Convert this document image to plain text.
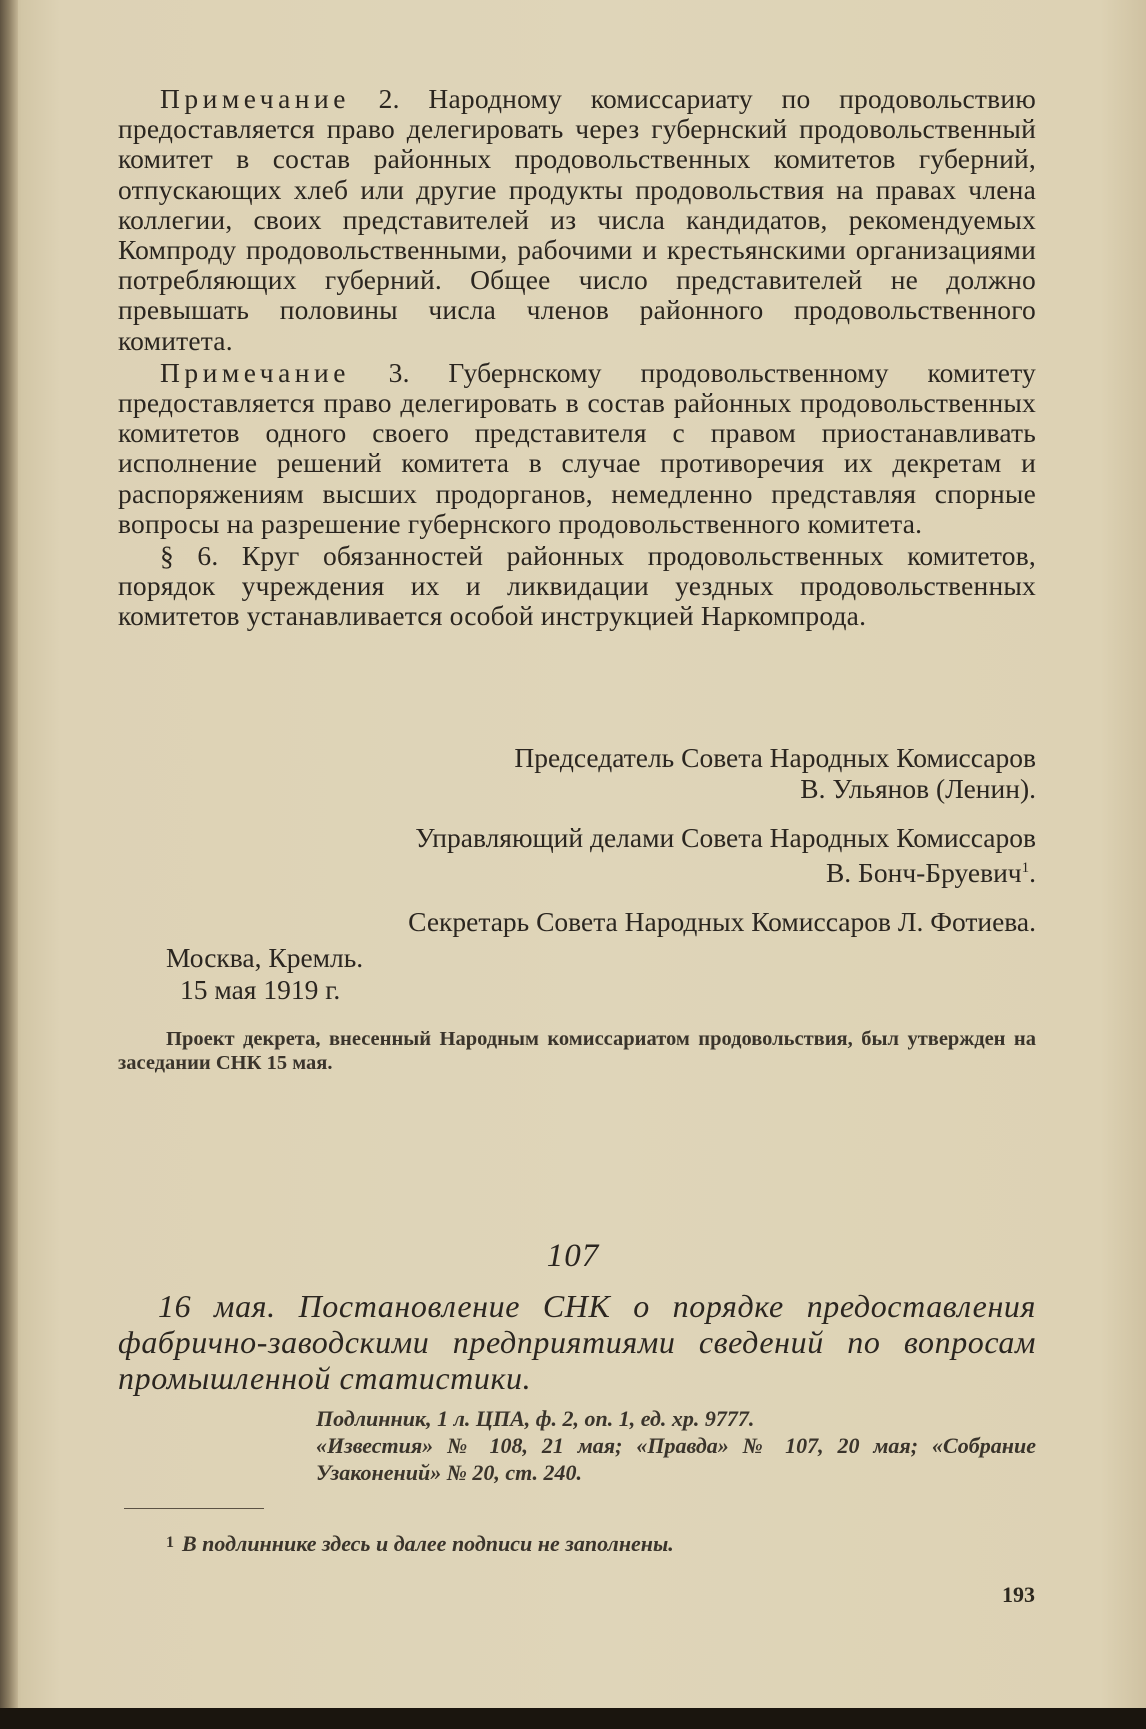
Примечание 2. Народному комиссариату по продовольствию предоставляется право делегировать через губернский продовольственный комитет в состав районных продовольственных комитетов губерний, отпускающих хлеб или другие продукты продовольствия на правах члена коллегии, своих представителей из числа кандидатов, рекомендуемых Компроду продовольственными, рабочими и крестьянскими организациями потребляющих губерний. Общее число представителей не должно превышать половины числа членов районного продовольственного комитета.

Примечание 3. Губернскому продовольственному комитету предоставляется право делегировать в состав районных продовольственных комитетов одного своего представителя с правом приостанавливать исполнение решений комитета в случае противоречия их декретам и распоряжениям высших продорганов, немедленно представляя спорные вопросы на разрешение губернского продовольственного комитета.

§ 6. Круг обязанностей районных продовольственных комитетов, порядок учреждения их и ликвидации уездных продовольственных комитетов устанавливается особой инструкцией Наркомпрода.

Председатель Совета Народных Комиссаров
В. Ульянов (Ленин).
Управляющий делами Совета Народных Комиссаров
В. Бонч-Бруевич$^1$.
Секретарь Совета Народных Комиссаров Л. Фотиева.
Москва, Кремль.
15 мая 1919 г.
Проект декрета, внесенный Народным комиссариатом продовольствия, был утвержден на заседании СНК 15 мая.
107
16 мая. Постановление СНК о порядке предоставления фабрично-заводскими предприятиями сведений по вопросам промышленной статистики.
Подлинник, 1 л. ЦПА, ф. 2, оп. 1, ед. хр. 9777.
«Известия» № 108, 21 мая; «Правда» № 107, 20 мая; «Собрание Узаконений» № 20, ст. 240.
1 В подлиннике здесь и далее подписи не заполнены.
193
